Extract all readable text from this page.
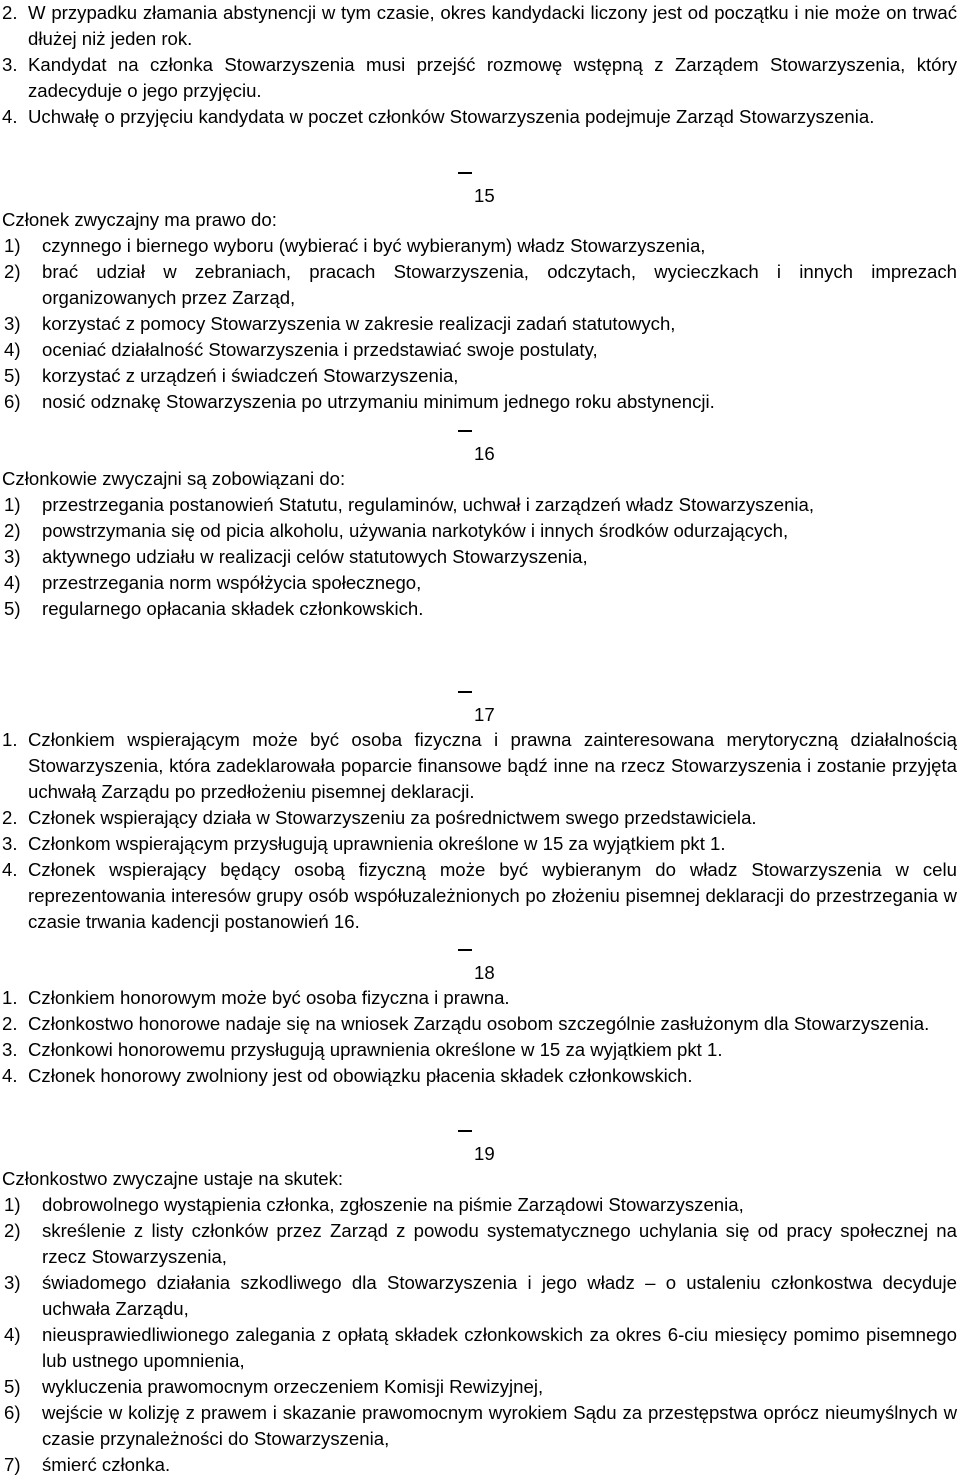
2. W przypadku złamania abstynencji w tym czasie, okres kandydacki liczony jest od początku i nie może on trwać dłużej niż jeden rok.
3. Kandydat na członka Stowarzyszenia musi przejść rozmowę wstępną z Zarządem Stowarzyszenia, który zadecyduje o jego przyjęciu.
4. Uchwałę o przyjęciu kandydata w poczet członków Stowarzyszenia podejmuje Zarząd Stowarzyszenia.
15

Członek zwyczajny ma prawo do:

1)	czynnego i biernego wyboru (wybierać i być wybieranym) władz Stowarzyszenia,
2)	brać udział w zebraniach, pracach Stowarzyszenia, odczytach, wycieczkach i innych imprezach organizowanych przez Zarząd,
3)	korzystać z pomocy Stowarzyszenia w zakresie realizacji zadań statutowych,
4)	oceniać działalność Stowarzyszenia i przedstawiać swoje postulaty,
5)	korzystać z urządzeń i świadczeń Stowarzyszenia,
6)	nosić odznakę Stowarzyszenia po utrzymaniu minimum jednego roku abstynencji.
16

Członkowie zwyczajni są zobowiązani do:

1)	przestrzegania postanowień Statutu, regulaminów, uchwał i zarządzeń władz Stowarzyszenia,
2)	powstrzymania się od picia alkoholu, używania narkotyków i innych środków odurzających,
3)	aktywnego udziału w realizacji celów statutowych Stowarzyszenia,
4)	przestrzegania norm współżycia społecznego,
5)	regularnego opłacania składek członkowskich.
17
1. Członkiem wspierającym może być osoba fizyczna i prawna zainteresowana merytoryczną działalnością Stowarzyszenia, która zadeklarowała poparcie finansowe bądź inne na rzecz Stowarzyszenia i zostanie przyjęta uchwałą Zarządu po przedłożeniu pisemnej deklaracji.
2. Członek wspierający działa w Stowarzyszeniu za pośrednictwem swego przedstawiciela.
3. Członkom wspierającym przysługują uprawnienia określone w 15 za wyjątkiem pkt 1.
4. Członek wspierający będący osobą fizyczną może być wybieranym do władz Stowarzyszenia w celu reprezentowania interesów grupy osób współuzależnionych po złożeniu pisemnej deklaracji do przestrzegania w czasie trwania kadencji postanowień 16.
18
1. Członkiem honorowym może być osoba fizyczna i prawna.
2. Członkostwo honorowe nadaje się na wniosek Zarządu osobom szczególnie zasłużonym dla Stowarzyszenia.
3. Członkowi honorowemu przysługują uprawnienia określone w 15 za wyjątkiem pkt 1.
4. Członek honorowy zwolniony jest od obowiązku płacenia składek członkowskich.
19

Członkostwo zwyczajne ustaje na skutek:

1)	dobrowolnego wystąpienia członka, zgłoszenie na piśmie Zarządowi Stowarzyszenia,
2)	skreślenie z listy członków przez Zarząd z powodu systematycznego uchylania się od pracy społecznej na rzecz Stowarzyszenia,
3)	świadomego działania szkodliwego dla Stowarzyszenia i jego władz – o ustaleniu członkostwa decyduje uchwała Zarządu,
4)	nieusprawiedliwionego zalegania z opłatą składek członkowskich za okres 6-ciu miesięcy pomimo pisemnego lub ustnego upomnienia,
5)	wykluczenia prawomocnym orzeczeniem Komisji Rewizyjnej,
6)	wejście w kolizję z prawem i skazanie prawomocnym wyrokiem Sądu za przestępstwa oprócz nieumyślnych w czasie przynależności do Stowarzyszenia,
7)	śmierć członka.
